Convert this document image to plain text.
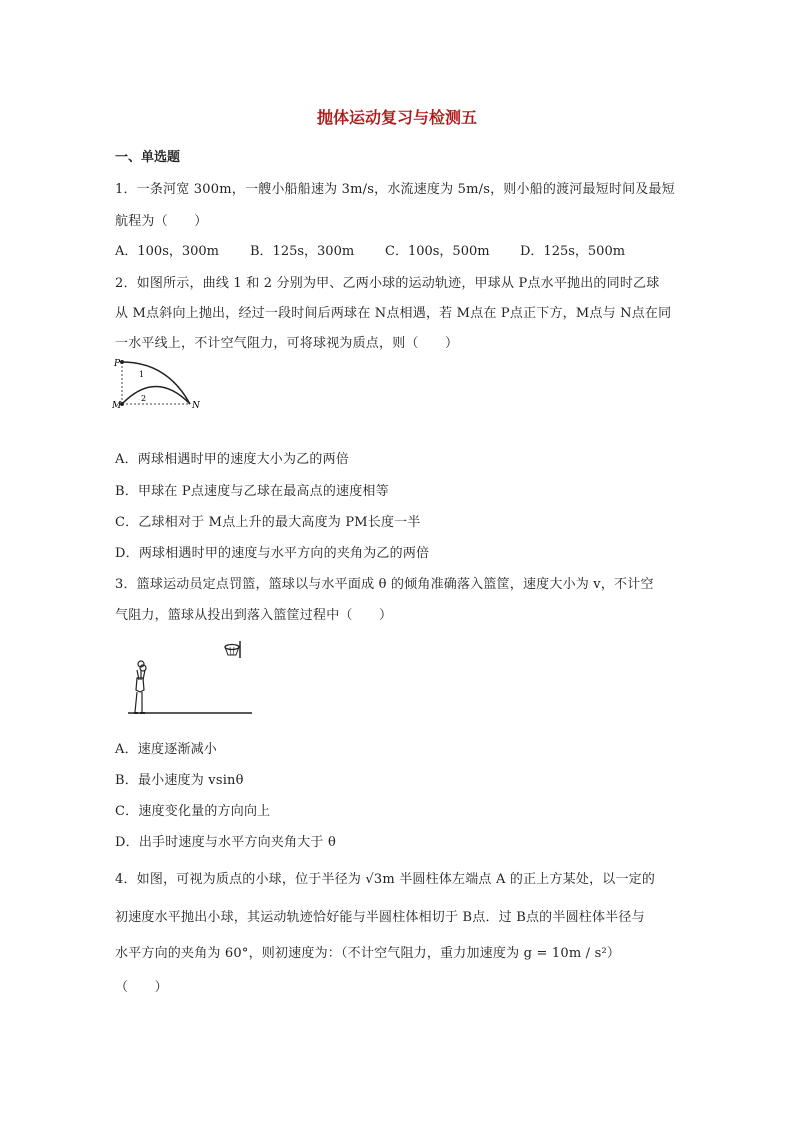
抛体运动复习与检测五
一、单选题
1．一条河宽 300m，一艘小船船速为 3m/s，水流速度为 5m/s，则小船的渡河最短时间及最短
航程为（　　）
A．100s，300m B．125s，300m C．100s，500m D．125s，500m
2．如图所示，曲线 1 和 2 分别为甲、乙两小球的运动轨迹，甲球从 P点水平抛出的同时乙球
从 M点斜向上抛出，经过一段时间后两球在 N点相遇，若 M点在 P点正下方，M点与 N点在同
一水平线上，不计空气阻力，可将球视为质点，则（　　）
P
M	N
1
2
A．两球相遇时甲的速度大小为乙的两倍
B．甲球在 P点速度与乙球在最高点的速度相等
C．乙球相对于 M点上升的最大高度为 PM长度一半
D．两球相遇时甲的速度与水平方向的夹角为乙的两倍
3．篮球运动员定点罚篮，篮球以与水平面成 θ 的倾角准确落入篮筐，速度大小为 v，不计空
气阻力，篮球从投出到落入篮筐过程中（　　）
A．速度逐渐减小
B．最小速度为 vsinθ
C．速度变化量的方向向上
D．出手时速度与水平方向夹角大于 θ
4．如图，可视为质点的小球，位于半径为 √3m 半圆柱体左端点 A 的正上方某处，以一定的
初速度水平抛出小球，其运动轨迹恰好能与半圆柱体相切于 B点．过 B点的半圆柱体半径与
水平方向的夹角为 60°，则初速度为：（不计空气阻力，重力加速度为 g = 10m / s²）
（　　）
